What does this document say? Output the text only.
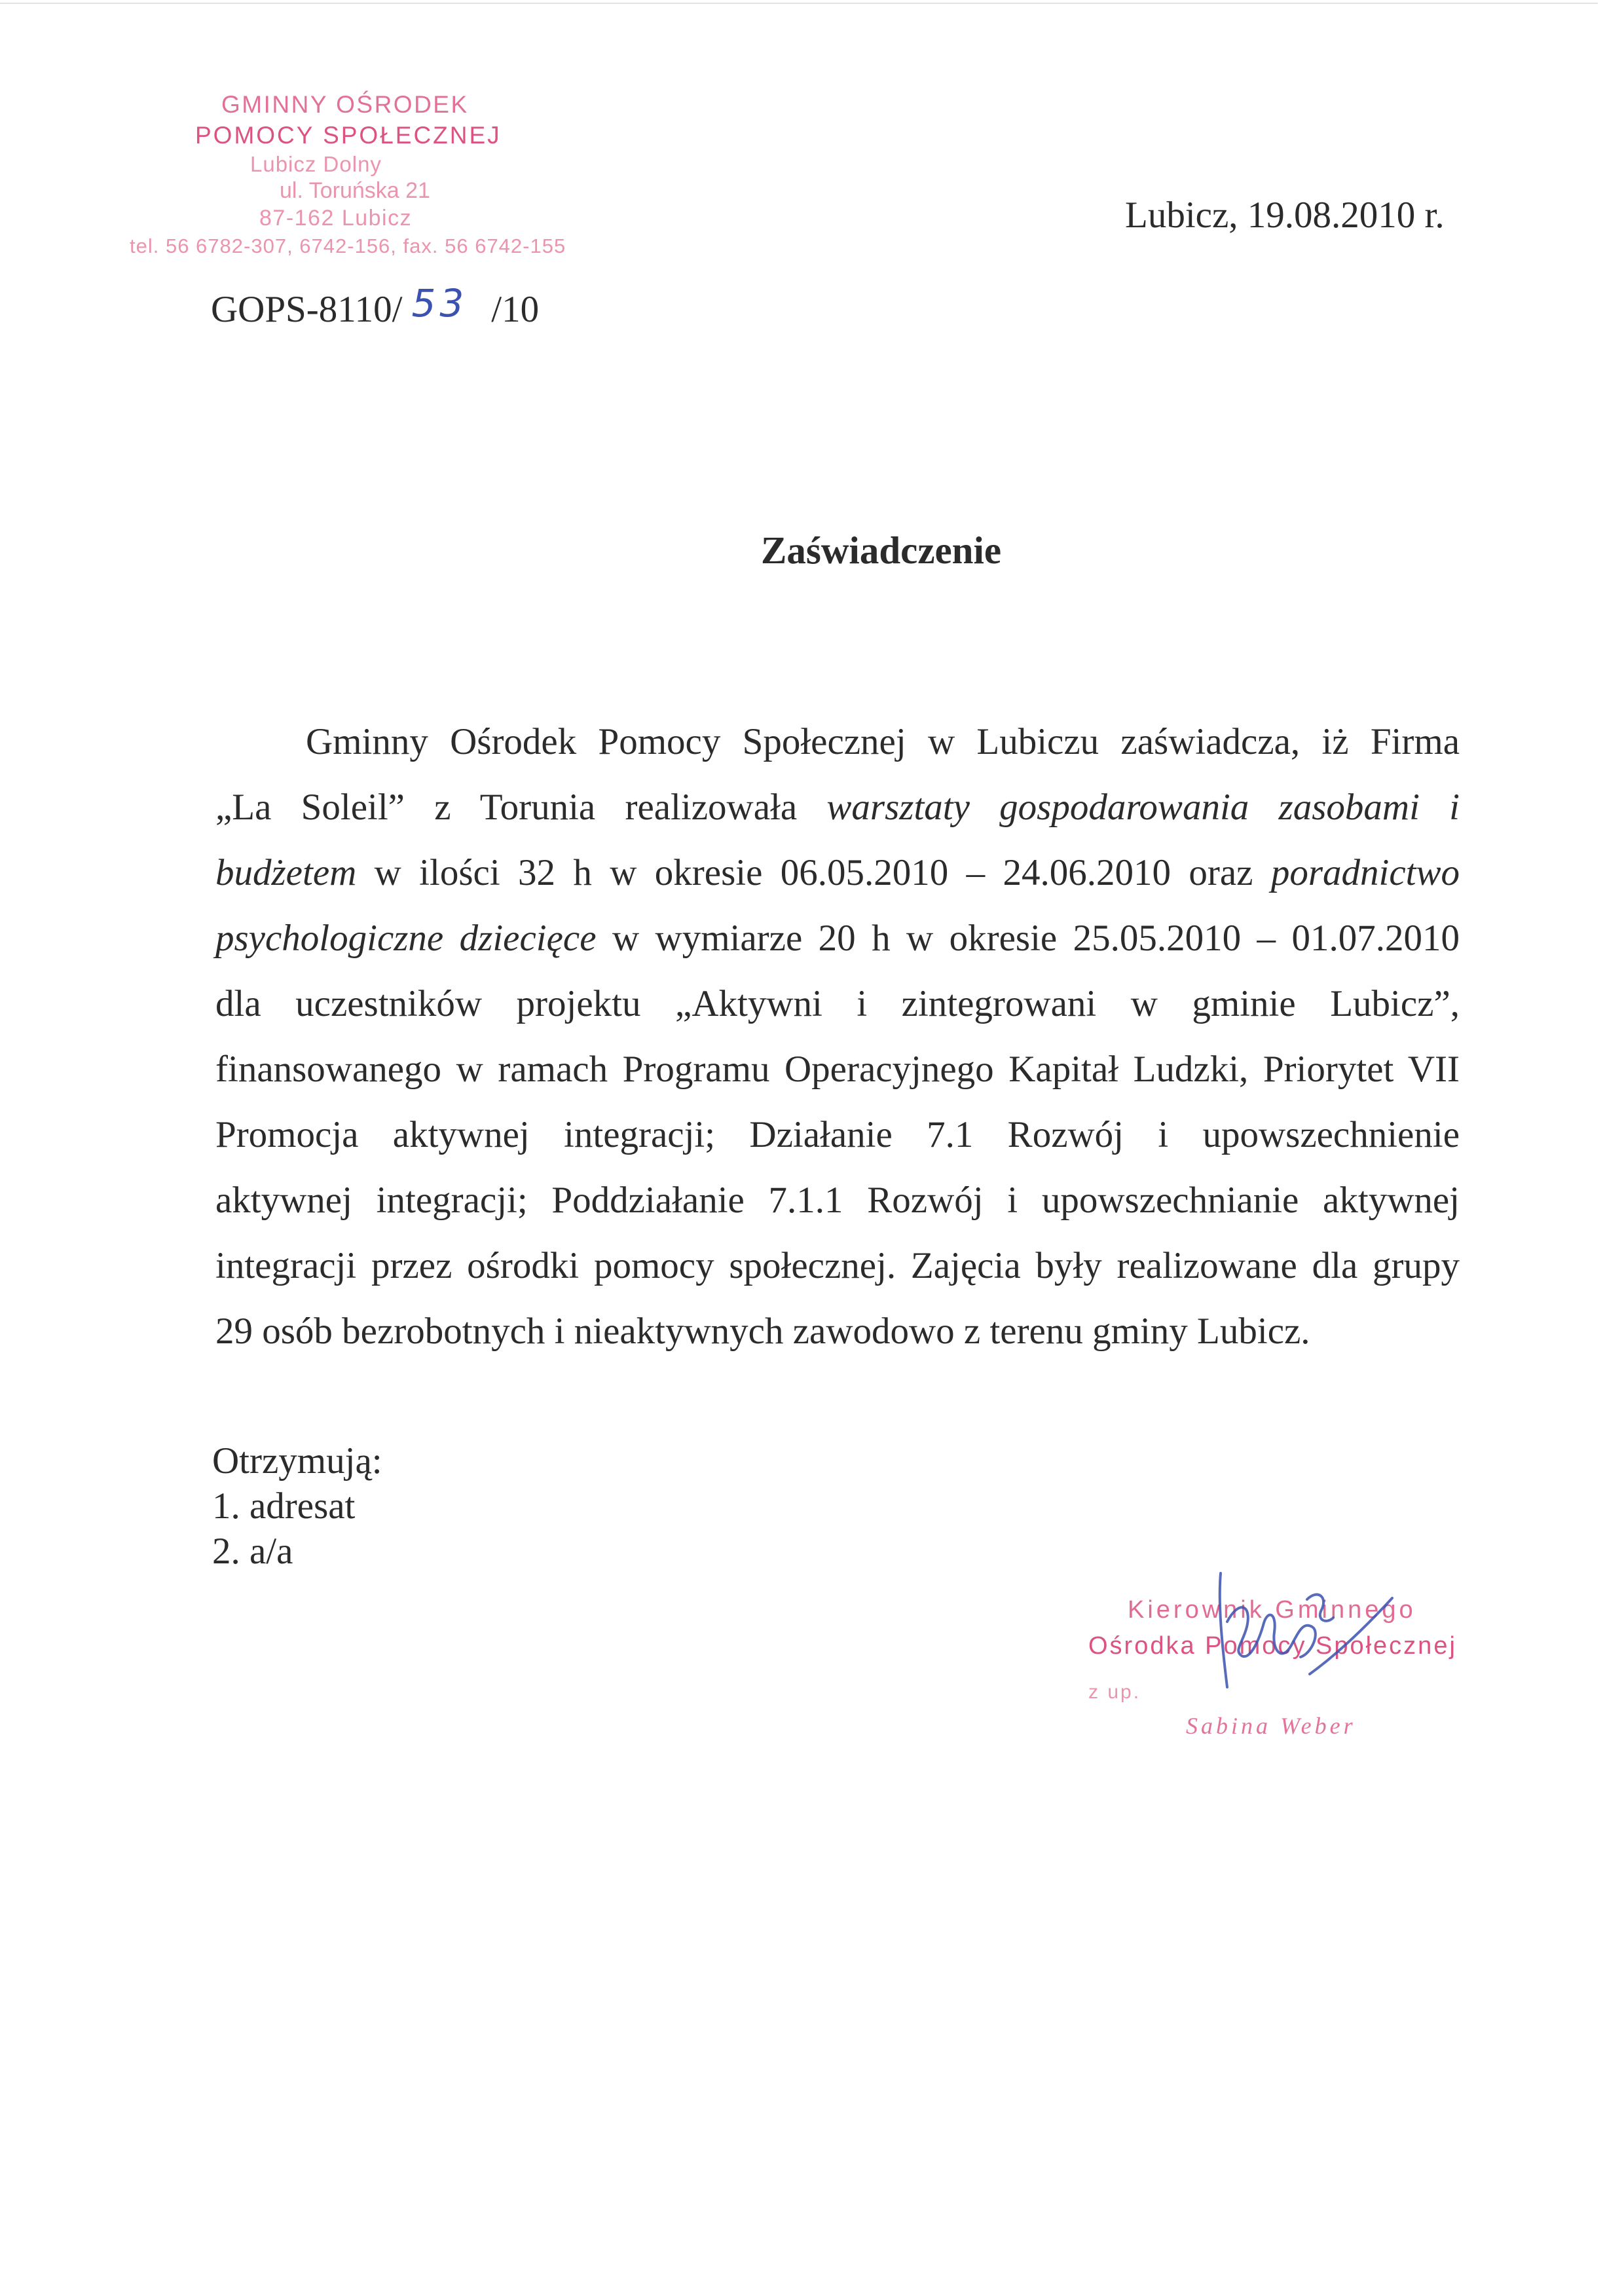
GMINNY OŚRODEK
POMOCY SPOŁECZNEJ
Lubicz Dolny
ul. Toruńska 21
87-162 Lubicz
tel. 56 6782-307, 6742-156, fax. 56 6742-155
Lubicz, 19.08.2010 r.
GOPS-8110/ 53 /10
Zaświadczenie
Gminny Ośrodek Pomocy Społecznej w Lubiczu zaświadcza, iż Firma
„La Soleil” z Torunia realizowała warsztaty gospodarowania zasobami i
budżetem w ilości 32 h w okresie 06.05.2010 – 24.06.2010 oraz poradnictwo
psychologiczne dziecięce w wymiarze 20 h w okresie 25.05.2010 – 01.07.2010
dla uczestników projektu „Aktywni i zintegrowani w gminie Lubicz”,
finansowanego w ramach Programu Operacyjnego Kapitał Ludzki, Priorytet VII
Promocja aktywnej integracji; Działanie 7.1 Rozwój i upowszechnienie
aktywnej integracji; Poddziałanie 7.1.1 Rozwój i upowszechnianie aktywnej
integracji przez ośrodki pomocy społecznej. Zajęcia były realizowane dla grupy
29 osób bezrobotnych i nieaktywnych zawodowo z terenu gminy Lubicz.
Otrzymują:
1. adresat
2. a/a
Kierownik Gminnego
Ośrodka Pomocy Społecznej
z up.
Sabina Weber
